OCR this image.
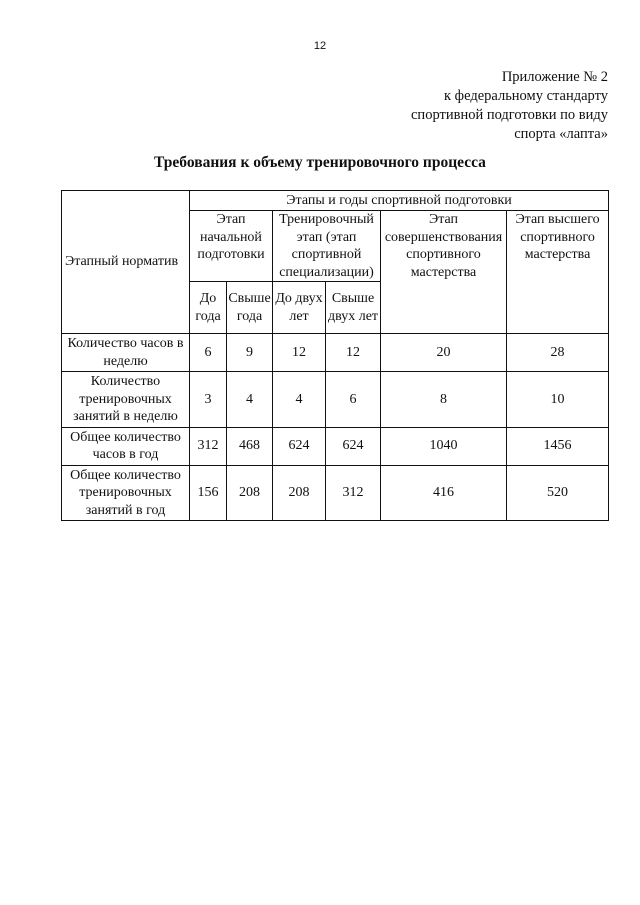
12
Приложение № 2
к федеральному стандарту
спортивной подготовки по виду
спорта «лапта»
Требования к объему тренировочного процесса
Этапный норматив	Этапы и годы спортивной подготовки					
	Этап начальной подготовки		Тренировочный этап (этап спортивной специализации)		Этап совершенствования спортивного мастерства	Этап высшего спортивного мастерства
	До года	Свыше года	До двух лет	Свыше двух лет		
Количество часов в неделю	6	9	12	12	20	28
Количество тренировочных занятий в неделю	3	4	4	6	8	10
Общее количество часов в год	312	468	624	624	1040	1456
Общее количество тренировочных занятий в год	156	208	208	312	416	520
